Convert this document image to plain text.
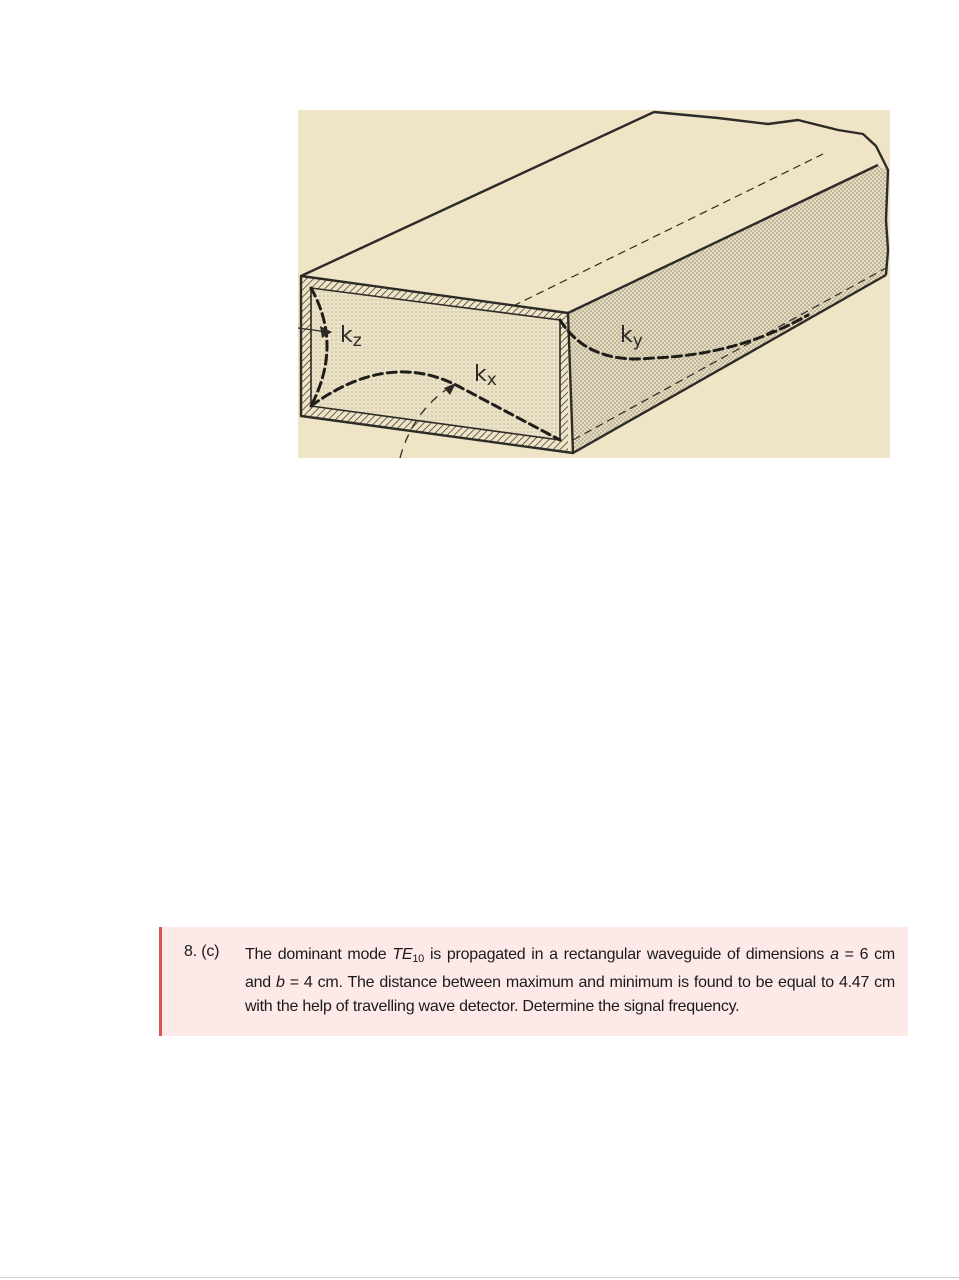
$k_z$
$k_x$
$k_y$
8. (c) The dominant mode $TE_{10}$ is propagated in a rectangular waveguide of dimensions a = 6 cm and b = 4 cm. The distance between maximum and minimum is found to be equal to 4.47 cm with the help of travelling wave detector. Determine the signal frequency.
